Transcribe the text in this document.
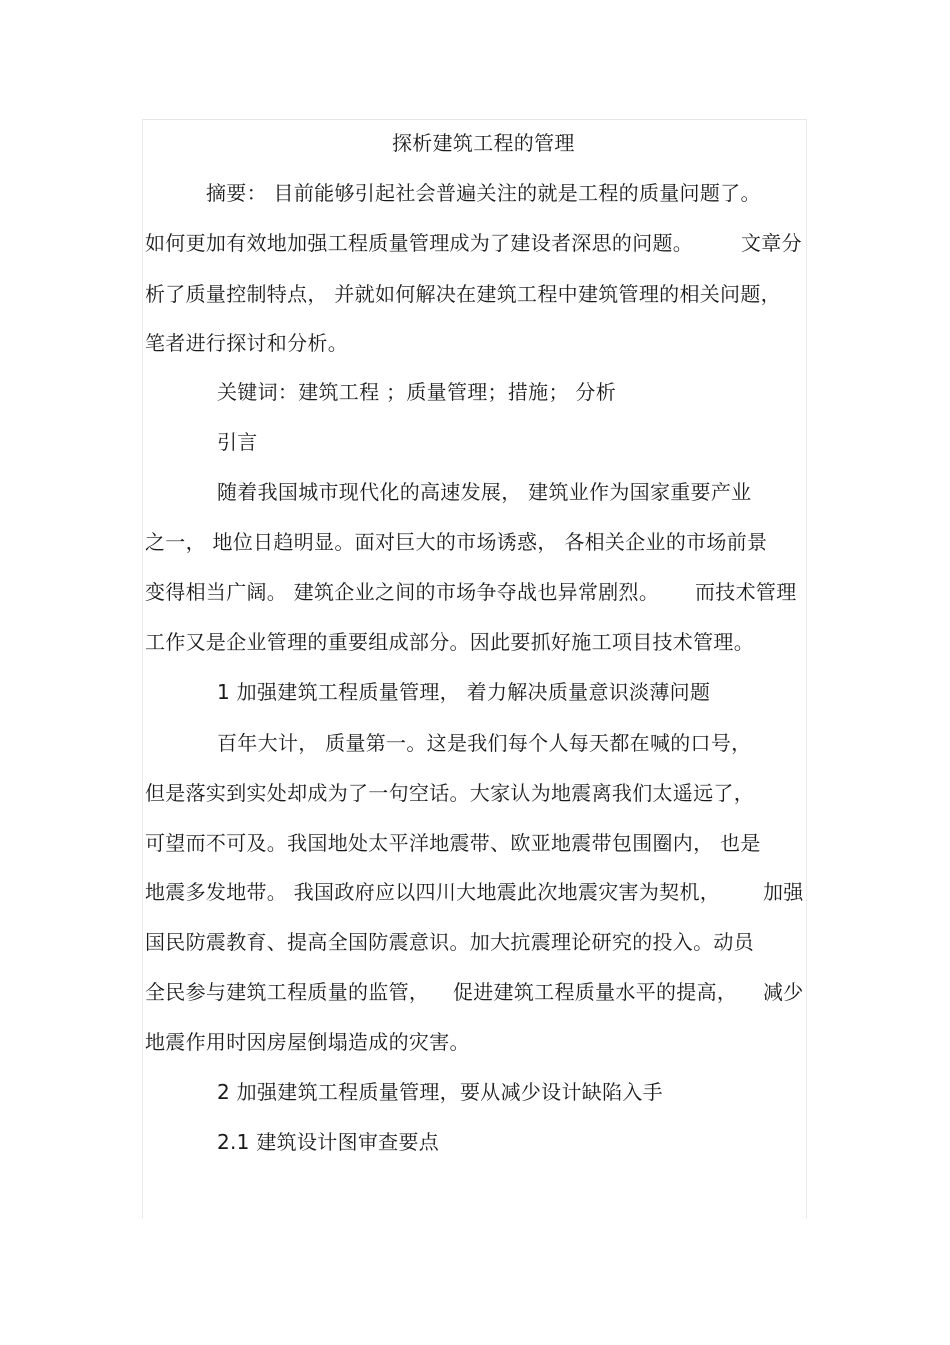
探析建筑工程的管理
摘要： 目前能够引起社会普遍关注的就是工程的质量问题了。
如何更加有效地加强工程质量管理成为了建设者深思的问题。 文章分
析了质量控制特点， 并就如何解决在建筑工程中建筑管理的相关问题，
笔者进行探讨和分析。
关键词：建筑工程 ；质量管理；措施； 分析
引言
随着我国城市现代化的高速发展， 建筑业作为国家重要产业
之一， 地位日趋明显。面对巨大的市场诱惑， 各相关企业的市场前景
变得相当广阔。 建筑企业之间的市场争夺战也异常剧烈。 而技术管理
工作又是企业管理的重要组成部分。因此要抓好施工项目技术管理。
1 加强建筑工程质量管理， 着力解决质量意识淡薄问题
百年大计， 质量第一。这是我们每个人每天都在喊的口号，
但是落实到实处却成为了一句空话。大家认为地震离我们太遥远了，
可望而不可及。我国地处太平洋地震带、欧亚地震带包围圈内， 也是
地震多发地带。 我国政府应以四川大地震此次地震灾害为契机， 加强
国民防震教育、提高全国防震意识。加大抗震理论研究的投入。动员
全民参与建筑工程质量的监管， 促进建筑工程质量水平的提高， 减少
地震作用时因房屋倒塌造成的灾害。
2 加强建筑工程质量管理，要从减少设计缺陷入手
2.1 建筑设计图审查要点
